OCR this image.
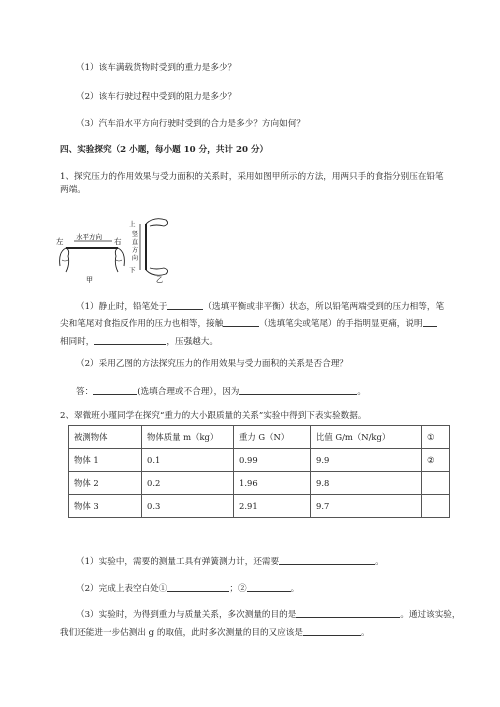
（1）该车满载货物时受到的重力是多少？
（2）该车行驶过程中受到的阻力是多少？
（3）汽车沿水平方向行驶时受到的合力是多少？方向如何？
四、实验探究（2 小题，每小题 10 分，共计 20 分）
1、探究压力的作用效果与受力面积的关系时，采用如图甲所示的方法，用两只手的食指分别压在铅笔
两端。
左 水平方向 右
甲
上
下
竖
直
方
向
乙
（1）静止时，铅笔处于	（选填平衡或非平衡）状态，所以铅笔两端受到的压力相等，笔
尖和笔尾对食指反作用的压力也相等，接触	（选填笔尖或笔尾）的手指明显更痛，说明
相同时，	，压强越大。
（2）采用乙图的方法探究压力的作用效果与受力面积的关系是否合理？
答：	(选填合理或不合理），因为	。
2、翠微班小瑾同学在探究“重力的大小跟质量的关系”实验中得到下表实验数据。
被测物体	物体质量 m（kg）	重力 G（N）	比值 G/m（N/kg）	①
物体 1	0.1	0.99	9.9	②
物体 2	0.2	1.96	9.8	
物体 3	0.3	2.91	9.7	
（1）实验中，需要的测量工具有弹簧测力计，还需要	。
（2）完成上表空白处①	；②	。
（3）实验时，为得到重力与质量关系，多次测量的目的是	。通过该实验，
我们还能进一步估测出 g 的取值，此时多次测量的目的又应该是	。
